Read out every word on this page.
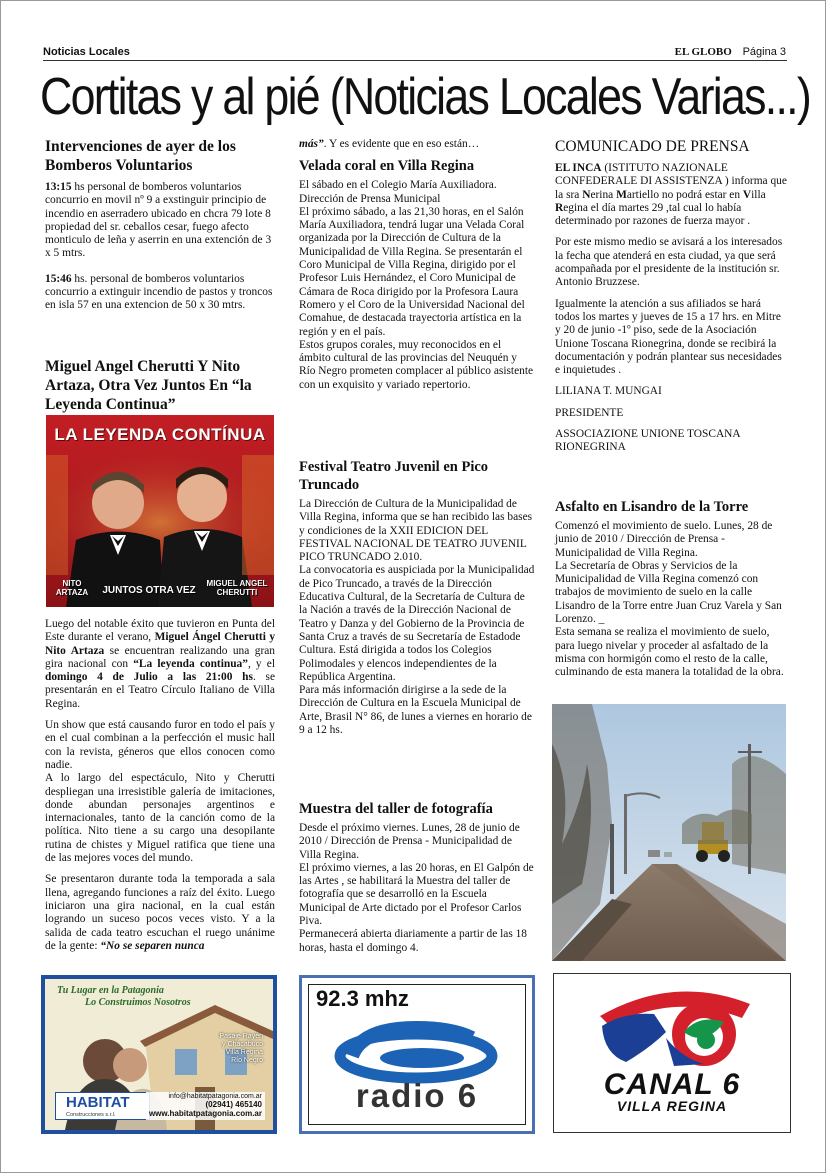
Noticias Locales	EL GLOBO Página 3
Cortitas y al pié (Noticias Locales Varias...)
Intervenciones de ayer de los Bomberos Voluntarios

13:15 hs personal de bomberos voluntarios concurrio en movil nº 9 a exstinguir principio de incendio en aserradero ubicado en chcra 79 lote 8 propiedad del sr. ceballos cesar, fuego afecto monticulo de leña y aserrin en una extención de 3 x 5 mtrs.

15:46 hs. personal de bomberos voluntarios concurrio a extinguir incendio de pastos y troncos en isla 57 en una extencion de 50 x 30 mtrs.

Miguel Angel Cherutti Y Nito Artaza, Otra Vez Juntos En “la Leyenda Continua”
LA LEYENDA CONTÍNUA
NITO ARTAZA	JUNTOS OTRA VEZ
MIGUEL ANGEL CHERUTTI

Luego del notable éxito que tuvieron en Punta del Este durante el verano, Miguel Ángel Cherutti y Nito Artaza se encuentran realizando una gran gira nacional con “La leyenda continua”, y el domingo 4 de Julio a las 21:00 hs. se presentarán en el Teatro Círculo Italiano de Villa Regina.

Un show que está causando furor en todo el país y en el cual combinan a la perfección el music hall con la revista, géneros que ellos conocen como nadie.

A lo largo del espectáculo, Nito y Cherutti despliegan una irresistible galería de imitaciones, donde abundan personajes argentinos e internacionales, tanto de la canción como de la política. Nito tiene a su cargo una desopilante rutina de chistes y Miguel ratifica que tiene una de las mejores voces del mundo.

Se presentaron durante toda la temporada a sala llena, agregando funciones a raíz del éxito. Luego iniciaron una gira nacional, en la cual están logrando un suceso pocos veces visto. Y a la salida de cada teatro escuchan el ruego unánime de la gente: “No se separen nunca

más”. Y es evidente que en eso están…

Velada coral en Villa Regina

El sábado en el Colegio María Auxiliadora. Dirección de Prensa Municipal
El próximo sábado, a las 21,30 horas, en el Salón María Auxiliadora, tendrá lugar una Velada Coral organizada por la Dirección de Cultura de la Municipalidad de Villa Regina. Se presentarán el Coro Municipal de Villa Regina, dirigido por el Profesor Luis Hernández, el Coro Municipal de Cámara de Roca dirigido por la Profesora Laura Romero y el Coro de la Universidad Nacional del Comahue, de destacada trayectoria artística en la región y en el país.
Estos grupos corales, muy reconocidos en el ámbito cultural de las provincias del Neuquén y Río Negro prometen complacer al público asistente con un exquisito y variado repertorio.

Festival Teatro Juvenil en Pico Truncado

La Dirección de Cultura de la Municipalidad de Villa Regina, informa que se han recibido las bases y condiciones de la XXII EDICION DEL FESTIVAL NACIONAL DE TEATRO JUVENIL PICO TRUNCADO 2.010.
La convocatoria es auspiciada por la Municipalidad de Pico Truncado, a través de la Dirección Educativa Cultural, de la Secretaría de Cultura de la Nación a través de la Dirección Nacional de Teatro y Danza y del Gobierno de la Provincia de Santa Cruz a través de su Secretaría de Estadode Cultura. Está dirigida a todos los Colegios Polimodales y elencos independientes de la República Argentina.
Para más información dirigirse a la sede de la Dirección de Cultura en la Escuela Municipal de Arte, Brasil N° 86, de lunes a viernes en horario de 9 a 12 hs.

Muestra del taller de fotografía

Desde el próximo viernes. Lunes, 28 de junio de 2010 / Dirección de Prensa - Municipalidad de Villa Regina.
El próximo viernes, a las 20 horas, en El Galpón de las Artes , se habilitará la Muestra del taller de fotografía que se desarrolló en la Escuela Municipal de Arte dictado por el Profesor Carlos Piva.
Permanecerá abierta diariamente a partir de las 18 horas, hasta el domingo 4.

COMUNICADO DE PRENSA

EL INCA (ISTITUTO NAZIONALE CONFEDERALE DI ASSISTENZA ) informa que la sra Nerina Martiello no podrá estar en Villa Regina el día martes 29 ,tal cual lo había determinado por razones de fuerza mayor .

Por este mismo medio se avisará a los interesados la fecha que atenderá en esta ciudad, ya que será acompañada por el presidente de la institución sr. Antonio Bruzzese.

Igualmente la atención a sus afiliados se hará todos los martes y jueves de 15 a 17 hrs. en Mitre y 20 de junio -1º piso, sede de la Asociación Unione Toscana Rionegrina, donde se recibirá la documentación y podrán plantear sus necesidades e inquietudes .

LILIANA T. MUNGAI

PRESIDENTE

ASSOCIAZIONE UNIONE TOSCANA RIONEGRINA

Asfalto en Lisandro de la Torre

Comenzó el movimiento de suelo. Lunes, 28 de junio de 2010 / Dirección de Prensa - Municipalidad de Villa Regina.
La Secretaría de Obras y Servicios de la Municipalidad de Villa Regina comenzó con trabajos de movimiento de suelo en la calle Lisandro de la Torre entre Juan Cruz Varela y San Lorenzo. _
Esta semana se realiza el movimiento de suelo, para luego nivelar y proceder al asfaltado de la misma con hormigón como el resto de la calle, culminando de esta manera la totalidad de la obra.

Tu Lugar en la Patagonia
Lo Construimos Nosotros
Pasaje Rayén
y Chacabuco
Villa Regina
Río Negro
HABITAT
Construcciones s.r.l.
info@habitatpatagonia.com.ar
(02941) 465140
www.habitatpatagonia.com.ar
92.3 mhz
radio 6	CANAL 6
VILLA REGINA
